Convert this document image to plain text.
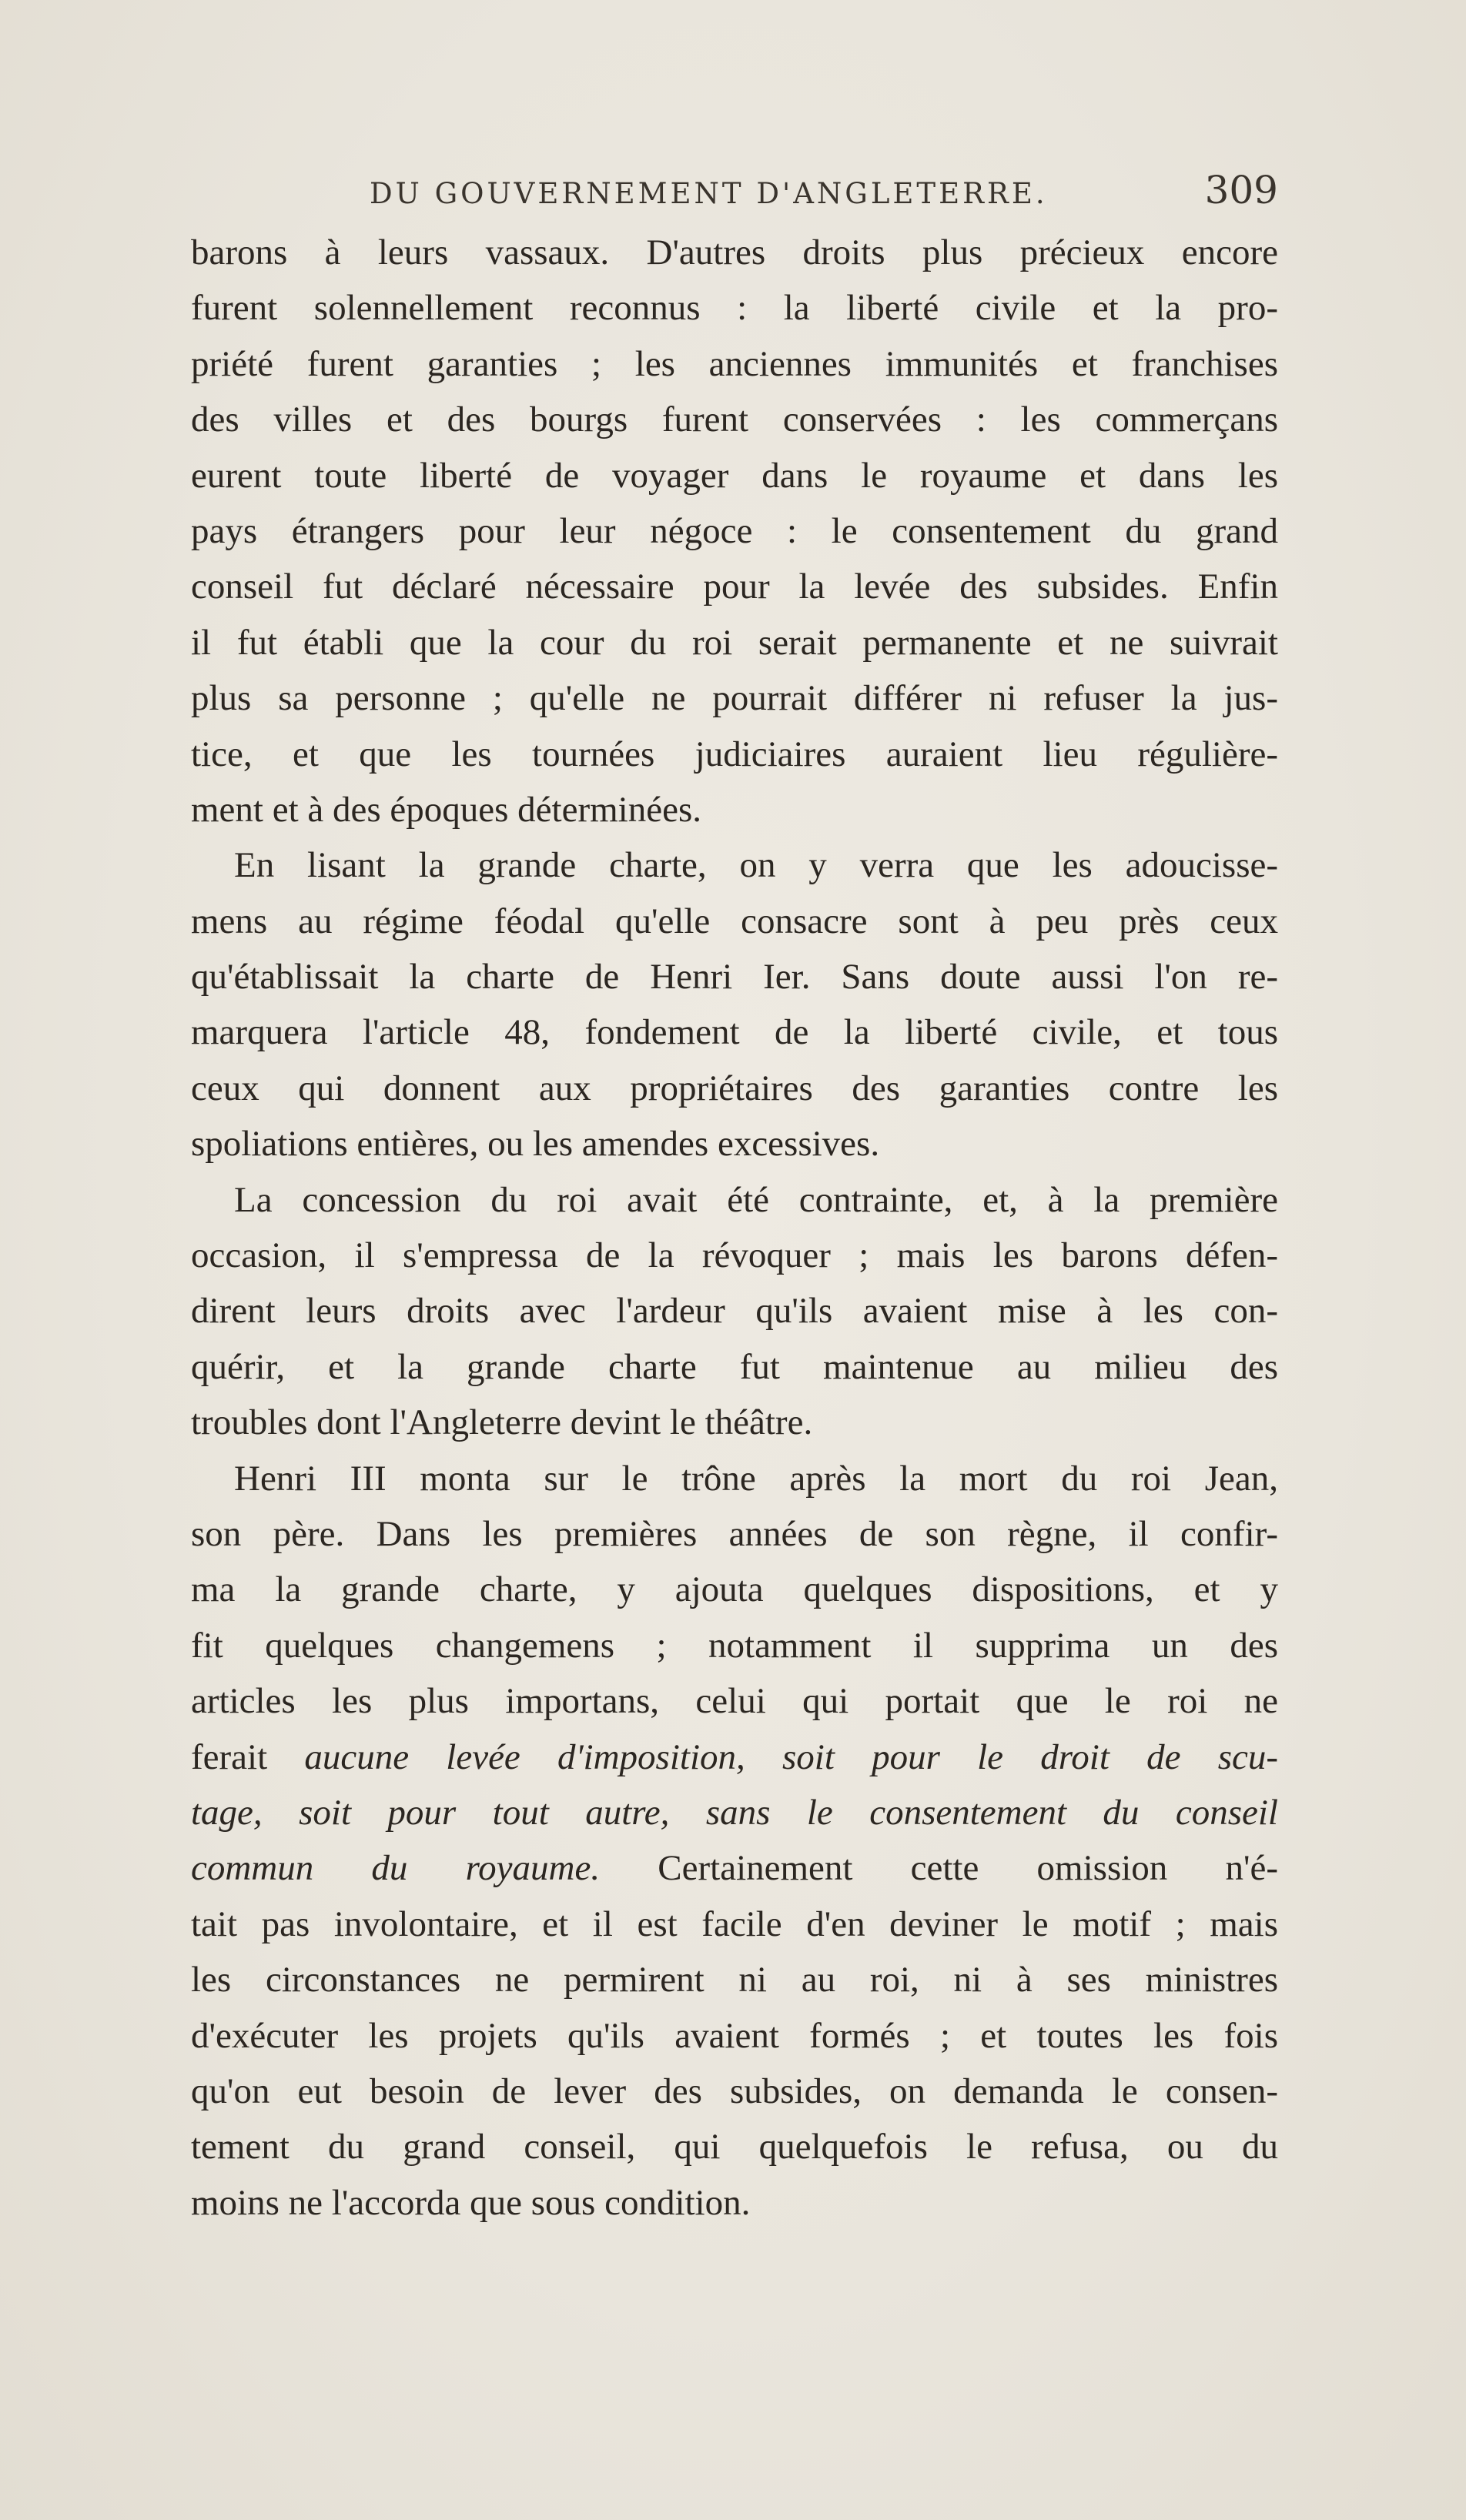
DU GOUVERNEMENT D'ANGLETERRE.	309
barons à leurs vassaux. D'autres droits plus précieux encore
furent solennellement reconnus : la liberté civile et la pro-
priété furent garanties ; les anciennes immunités et franchises
des villes et des bourgs furent conservées : les commerçans
eurent toute liberté de voyager dans le royaume et dans les
pays étrangers pour leur négoce : le consentement du grand
conseil fut déclaré nécessaire pour la levée des subsides. Enfin
il fut établi que la cour du roi serait permanente et ne suivrait
plus sa personne ; qu'elle ne pourrait différer ni refuser la jus-
tice, et que les tournées judiciaires auraient lieu régulière-
ment et à des époques déterminées.
En lisant la grande charte, on y verra que les adoucisse-
mens au régime féodal qu'elle consacre sont à peu près ceux
qu'établissait la charte de Henri Ier. Sans doute aussi l'on re-
marquera l'article 48, fondement de la liberté civile, et tous
ceux qui donnent aux propriétaires des garanties contre les
spoliations entières, ou les amendes excessives.
La concession du roi avait été contrainte, et, à la première
occasion, il s'empressa de la révoquer ; mais les barons défen-
dirent leurs droits avec l'ardeur qu'ils avaient mise à les con-
quérir, et la grande charte fut maintenue au milieu des
troubles dont l'Angleterre devint le théâtre.
Henri III monta sur le trône après la mort du roi Jean,
son père. Dans les premières années de son règne, il confir-
ma la grande charte, y ajouta quelques dispositions, et y
fit quelques changemens ; notamment il supprima un des
articles les plus importans, celui qui portait que le roi ne
ferait aucune levée d'imposition, soit pour le droit de scu-
tage, soit pour tout autre, sans le consentement du conseil
commun du royaume. Certainement cette omission n'é-
tait pas involontaire, et il est facile d'en deviner le motif ; mais
les circonstances ne permirent ni au roi, ni à ses ministres
d'exécuter les projets qu'ils avaient formés ; et toutes les fois
qu'on eut besoin de lever des subsides, on demanda le consen-
tement du grand conseil, qui quelquefois le refusa, ou du
moins ne l'accorda que sous condition.
